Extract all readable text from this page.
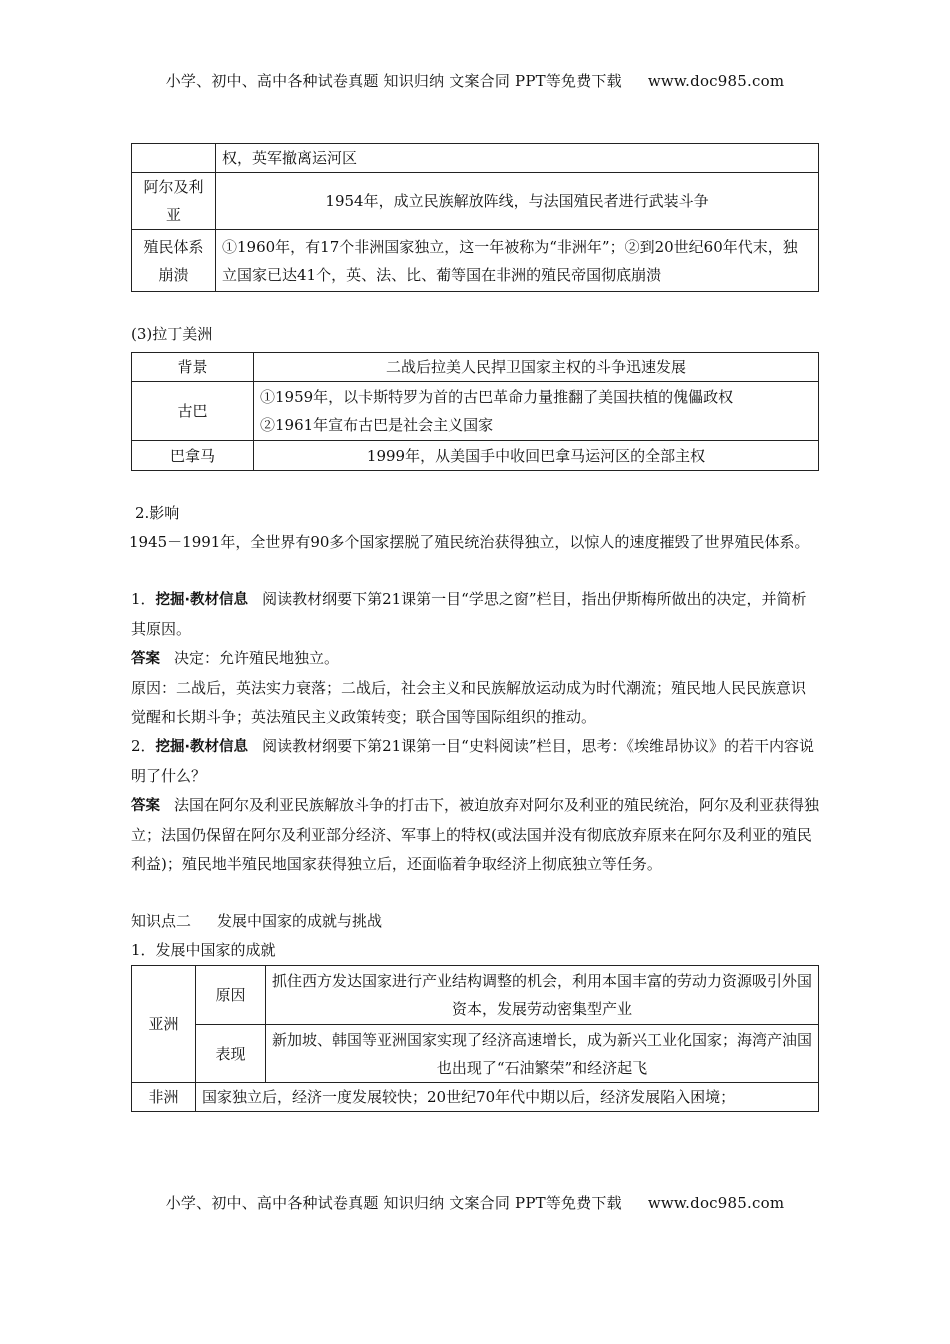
小学、初中、高中各种试卷真题 知识归纳 文案合同 PPT等免费下载 www.doc985.com
	权，英军撤离运河区
阿尔及利亚	1954年，成立民族解放阵线，与法国殖民者进行武装斗争
殖民体系崩溃	①1960年，有17个非洲国家独立，这一年被称为“非洲年”；②到20世纪60年代末，独立国家已达41个，英、法、比、葡等国在非洲的殖民帝国彻底崩溃

(3)拉丁美洲

背景	二战后拉美人民捍卫国家主权的斗争迅速发展
古巴	①1959年，以卡斯特罗为首的古巴革命力量推翻了美国扶植的傀儡政权
②1961年宣布古巴是社会主义国家

巴拿马	1999年，从美国手中收回巴拿马运河区的全部主权

2.影响

1945－1991年，全世界有90多个国家摆脱了殖民统治获得独立，以惊人的速度摧毁了世界殖民体系。

1．挖掘·教材信息 阅读教材纲要下第21课第一目“学思之窗”栏目，指出伊斯梅所做出的决定，并简析其原因。

答案 决定：允许殖民地独立。

原因：二战后，英法实力衰落；二战后，社会主义和民族解放运动成为时代潮流；殖民地人民民族意识觉醒和长期斗争；英法殖民主义政策转变；联合国等国际组织的推动。

2．挖掘·教材信息 阅读教材纲要下第21课第一目“史料阅读”栏目，思考：《埃维昂协议》的若干内容说明了什么？

答案 法国在阿尔及利亚民族解放斗争的打击下，被迫放弃对阿尔及利亚的殖民统治，阿尔及利亚获得独立；法国仍保留在阿尔及利亚部分经济、军事上的特权(或法国并没有彻底放弃原来在阿尔及利亚的殖民利益)；殖民地半殖民地国家获得独立后，还面临着争取经济上彻底独立等任务。

知识点二 发展中国家的成就与挑战

1．发展中国家的成就

亚洲	原因	抓住西方发达国家进行产业结构调整的机会，利用本国丰富的劳动力资源吸引外国资本，发展劳动密集型产业
	表现	新加坡、韩国等亚洲国家实现了经济高速增长，成为新兴工业化国家；海湾产油国也出现了“石油繁荣”和经济起飞
非洲	国家独立后，经济一度发展较快；20世纪70年代中期以后，经济发展陷入困境；	
小学、初中、高中各种试卷真题 知识归纳 文案合同 PPT等免费下载 www.doc985.com
